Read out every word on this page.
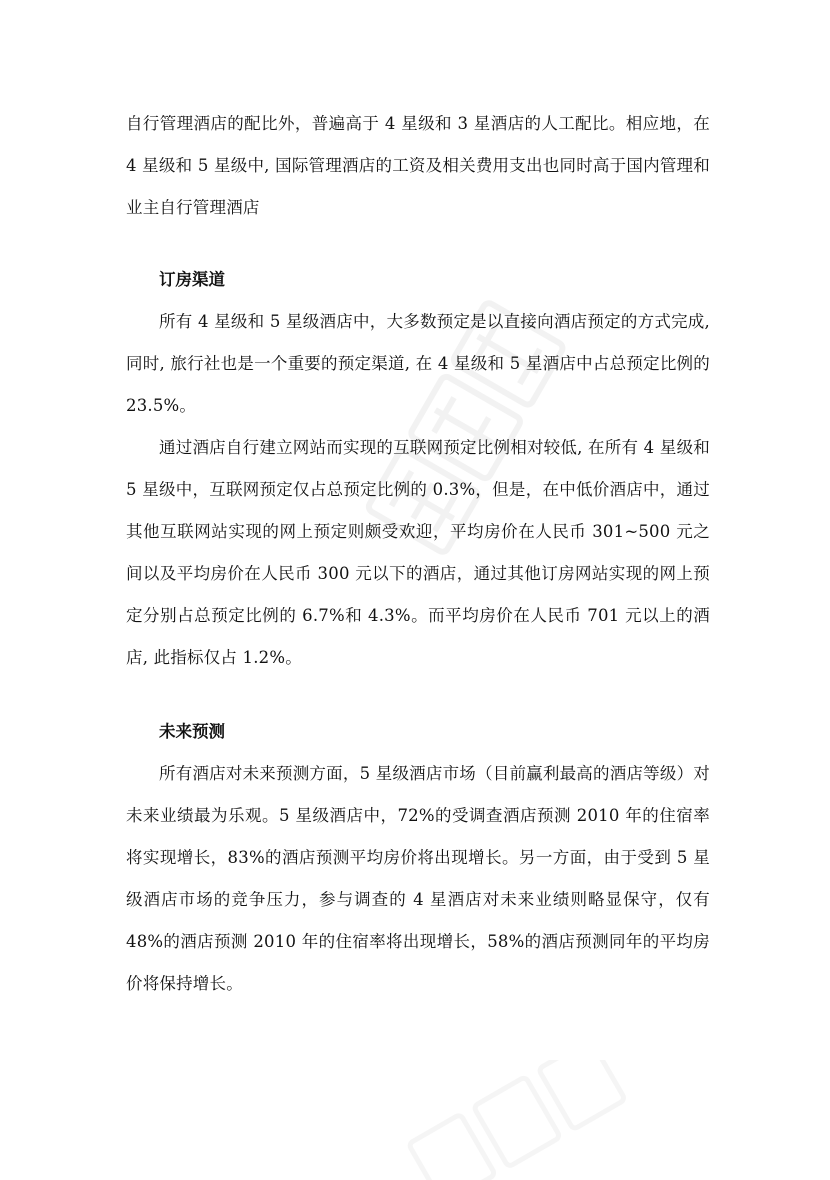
自行管理酒店的配比外，普遍高于 4 星级和 3 星酒店的人工配比。相应地，在 4 星级和 5 星级中, 国际管理酒店的工资及相关费用支出也同时高于国内管理和业主自行管理酒店

订房渠道

所有 4 星级和 5 星级酒店中，大多数预定是以直接向酒店预定的方式完成, 同时, 旅行社也是一个重要的预定渠道, 在 4 星级和 5 星酒店中占总预定比例的 23.5%。

通过酒店自行建立网站而实现的互联网预定比例相对较低, 在所有 4 星级和 5 星级中，互联网预定仅占总预定比例的 0.3%，但是，在中低价酒店中，通过其他互联网站实现的网上预定则颇受欢迎，平均房价在人民币 301~500 元之间以及平均房价在人民币 300 元以下的酒店，通过其他订房网站实现的网上预定分别占总预定比例的 6.7%和 4.3%。而平均房价在人民币 701 元以上的酒店, 此指标仅占 1.2%。

未来预测

所有酒店对未来预测方面，5 星级酒店市场（目前赢利最高的酒店等级）对未来业绩最为乐观。5 星级酒店中，72%的受调查酒店预测 2010 年的住宿率将实现增长，83%的酒店预测平均房价将出现增长。另一方面，由于受到 5 星级酒店市场的竞争压力，参与调查的 4 星酒店对未来业绩则略显保守，仅有 48%的酒店预测 2010 年的住宿率将出现增长，58%的酒店预测同年的平均房价将保持增长。
